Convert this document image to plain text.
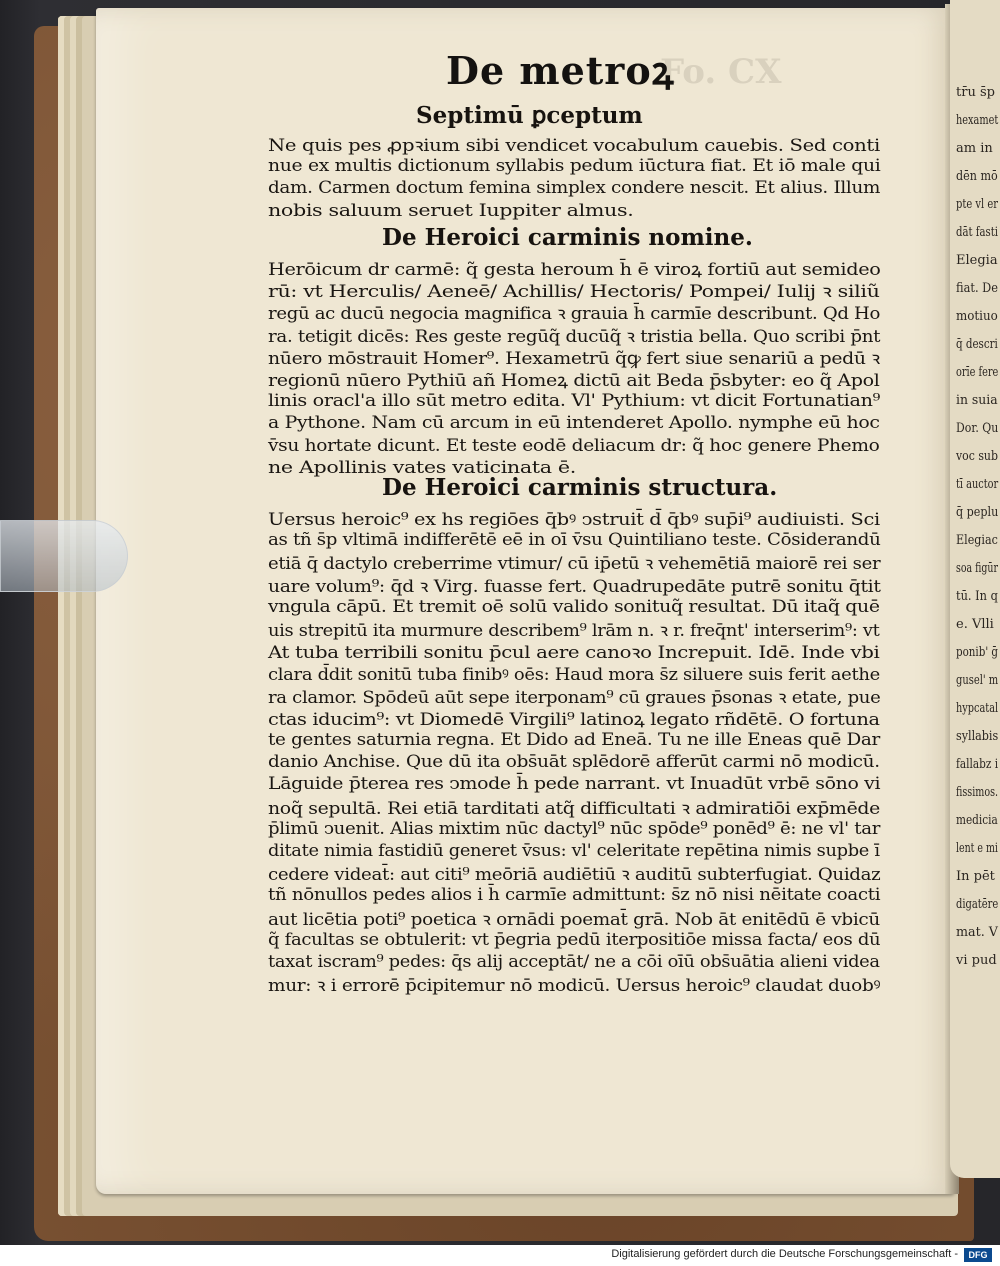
tr̄u s̄p
hexamet
am in
dēn mō
pte vl er
dāt fasti
Elegia
fiat. De
motiuo
q̄ descri
orīe fere
in suia
Dor. Qu
voc sub
tī auctor
q̄ peplu
Elegiac
soa figūr
tū. In q
e. Vlli
ponib' ḡ
gusel' m
hypcatal
syllabis
fallabz i
fissimos.
medicia
lent e mi
In pēt
digatēre
mat. V
vi pud
Fo. CX
De metroꝝ
Septimū ꝑceptum
Ne quis pes ꝓpꝛium sibi vendicet vocabulum cauebis. Sed conti
nue ex multis dictionum syllabis pedum iūctura fiat. Et iō male qui
dam. Carmen doctum femina simplex condere nescit. Et alius. Illum
nobis saluum seruet Iuppiter almus.
De Heroici carminis nomine.
Herōicum dr carmē: q̃ gesta heroum h̄ ē viroꝝ fortiū aut semideo
rū: vt Herculis/ Aeneē/ Achillis/ Hectoris/ Pompei/ Iulij ꝛ siliũ
regū ac ducū negocia magnifica ꝛ grauia h̄ carmīe describunt. Qd Ho
ra. tetigit dicēs: Res geste regūq̃ ducūq̃ ꝛ tristia bella. Quo scribi p̄nt
nūero mōstrauit Homer⁹. Hexametrū q̃ꝙ fert siue senariū a pedū ꝛ
regionū nūero Pythiū añ Homeꝝ dictū ait Beda p̄sbyter: eo q̃ Apol
linis oracl'a illo sūt metro edita. Vl' Pythium: vt dicit Fortunatian⁹
a Pythone. Nam cū arcum in eū intenderet Apollo. nymphe eū hoc
v̄su hortate dicunt. Et teste eodē deliacum dr: q̃ hoc genere Phemo
ne Apollinis vates vaticinata ē.
De Heroici carminis structura.
Uersus heroic⁹ ex hs regiōes q̄bꝰ ↄstruit̄ d̄ q̄bꝰ sup̄i⁹ audiuisti. Sci
as tñ s̄p vltimā indifferētē eē in oī v̄su Quintiliano teste. Cōsiderandū
etiā q̄ dactylo creberrime vtimur/ cū ip̄etū ꝛ vehemētiā maiorē rei ser
uare volum⁹: q̄d ꝛ Virg. fuasse fert. Quadrupedāte putrē sonitu q̄tit
vngula cāpū. Et tremit oē solū valido sonituq̃ resultat. Dū itaq̃ quē
uis strepitū ita murmure describem⁹ lrām n. ꝛ r. freq̄nt' interserim⁹: vt
At tuba terribili sonitu p̄cul aere canoꝛo Increpuit. Idē. Inde vbi
clara d̄dit sonitū tuba finibꝰ oēs: Haud mora s̄z siluere suis ferit aethe
ra clamor. Spōdeū aūt sepe iterponam⁹ cū graues p̄sonas ꝛ etate, pue
ctas iducim⁹: vt Diomedē Virgili⁹ latinoꝝ legato rñdētē. O fortuna
te gentes saturnia regna. Et Dido ad Eneā. Tu ne ille Eneas quē Dar
danio Anchise. Que dū ita obs̄uāt splēdorē afferūt carmi nō modicū.
Lāguide p̄terea res ↄmode h̄ pede narrant. vt Inuadūt vrbē sōno vi
noq̃ sepultā. Rei etiā tarditati atq̃ difficultati ꝛ admiratiōi exp̄mēde
p̄limū ↄuenit. Alias mixtim nūc dactyl⁹ nūc spōde⁹ ponēd⁹ ē: ne vl' tar
ditate nimia fastidiū generet v̄sus: vl' celeritate repētina nimis supbe ī
cedere videat̄: aut citi⁹ meōriā audiētiū ꝛ auditū subterfugiat. Quidaz
tñ nōnullos pedes alios i h̄ carmīe admittunt: s̄z nō nisi nēitate coacti
aut licētia poti⁹ poetica ꝛ ornādi poemat̄ grā. Nob āt enitēdū ē vbicū
q̃ facultas se obtulerit: vt p̄egria pedū iterpositiōe missa facta/ eos dū
taxat iscram⁹ pedes: q̄s alij acceptāt/ ne a cōi oīū obs̄uātia alieni videa
mur: ꝛ i errorē p̄cipitemur nō modicū. Uersus heroic⁹ claudat duobꝰ
Digitalisierung gefördert durch die Deutsche Forschungsgemeinschaft -	DFG
